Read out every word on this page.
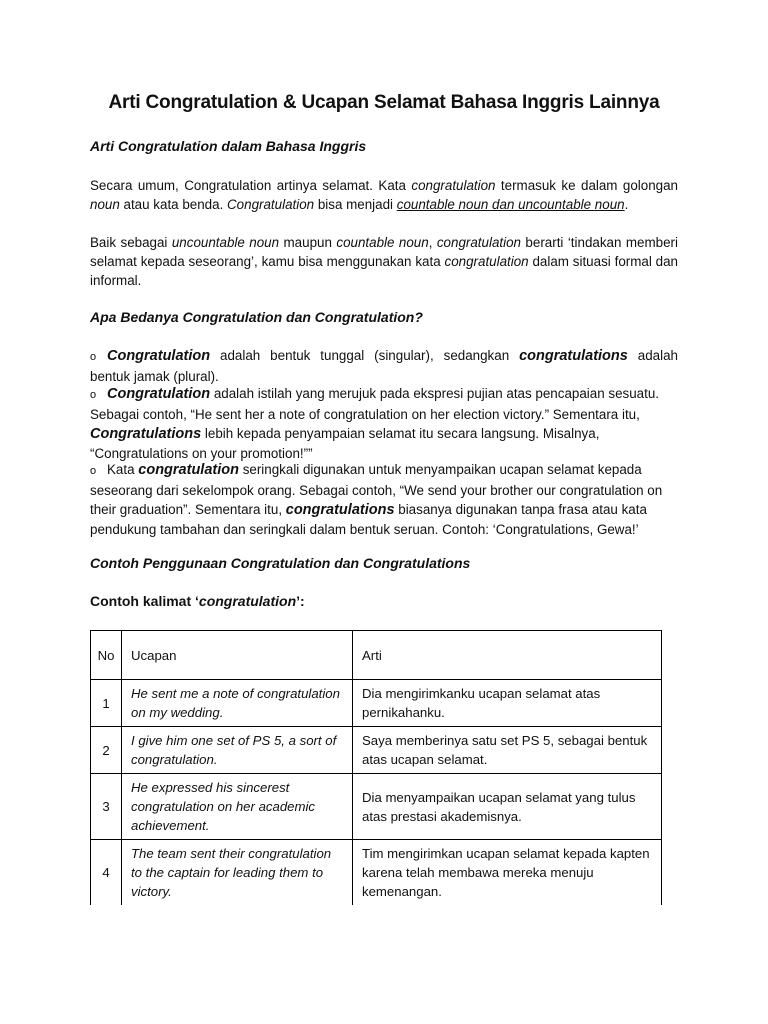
Arti Congratulation & Ucapan Selamat Bahasa Inggris Lainnya

Arti Congratulation dalam Bahasa Inggris

Secara umum, Congratulation artinya selamat. Kata congratulation termasuk ke dalam golongan noun atau kata benda. Congratulation bisa menjadi countable noun dan uncountable noun.

Baik sebagai uncountable noun maupun countable noun, congratulation berarti ‘tindakan memberi selamat kepada seseorang’, kamu bisa menggunakan kata congratulation dalam situasi formal dan informal.

Apa Bedanya Congratulation dan Congratulation?

o Congratulation adalah bentuk tunggal (singular), sedangkan congratulations adalah bentuk jamak (plural).

o Congratulation adalah istilah yang merujuk pada ekspresi pujian atas pencapaian sesuatu. Sebagai contoh, “He sent her a note of congratulation on her election victory.” Sementara itu, Congratulations lebih kepada penyampaian selamat itu secara langsung. Misalnya, “Congratulations on your promotion!””

o Kata congratulation seringkali digunakan untuk menyampaikan ucapan selamat kepada seseorang dari sekelompok orang. Sebagai contoh, “We send your brother our congratulation on their graduation”. Sementara itu, congratulations biasanya digunakan tanpa frasa atau kata pendukung tambahan dan seringkali dalam bentuk seruan. Contoh: ‘Congratulations, Gewa!’

Contoh Penggunaan Congratulation dan Congratulations

Contoh kalimat ‘congratulation’:

No	Ucapan	Arti
1	He sent me a note of congratulation on my wedding.	Dia mengirimkanku ucapan selamat atas pernikahanku.
2	I give him one set of PS 5, a sort of congratulation.	Saya memberinya satu set PS 5, sebagai bentuk atas ucapan selamat.
3	He expressed his sincerest congratulation on her academic achievement.	Dia menyampaikan ucapan selamat yang tulus atas prestasi akademisnya.
4	The team sent their congratulation to the captain for leading them to victory.	Tim mengirimkan ucapan selamat kepada kapten karena telah membawa mereka menuju kemenangan.
